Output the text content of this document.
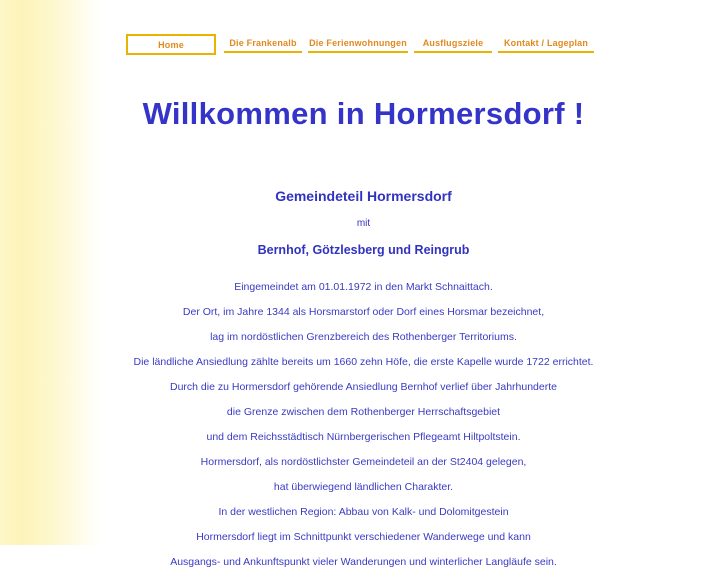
Home	Die Frankenalb	Die Ferienwohnungen	Ausflugsziele	Kontakt / Lageplan
Willkommen in Hormersdorf !

Gemeindeteil Hormersdorf

mit

Bernhof, Götzlesberg und Reingrub

Eingemeindet am 01.01.1972 in den Markt Schnaittach.

Der Ort, im Jahre 1344 als Horsmarstorf oder Dorf eines Horsmar bezeichnet,

lag im nordöstlichen Grenzbereich des Rothenberger Territoriums.

Die ländliche Ansiedlung zählte bereits um 1660 zehn Höfe, die erste Kapelle wurde 1722 errichtet.

Durch die zu Hormersdorf gehörende Ansiedlung Bernhof verlief über Jahrhunderte

die Grenze zwischen dem Rothenberger Herrschaftsgebiet

und dem Reichsstädtisch Nürnbergerischen Pflegeamt Hiltpoltstein.

Hormersdorf, als nordöstlichster Gemeindeteil an der St2404 gelegen,

hat überwiegend ländlichen Charakter.

In der westlichen Region: Abbau von Kalk- und Dolomitgestein

Hormersdorf liegt im Schnittpunkt verschiedener Wanderwege und kann

Ausgangs- und Ankunftspunkt vieler Wanderungen und winterlicher Langläufe sein.
